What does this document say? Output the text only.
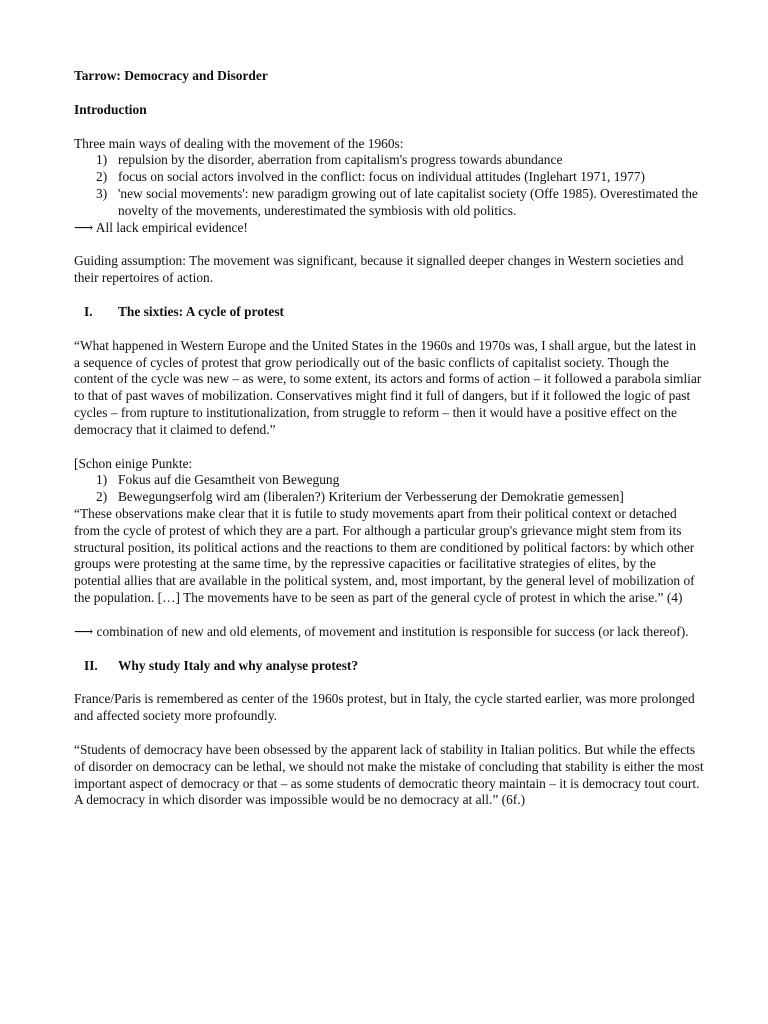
Tarrow: Democracy and Disorder

Introduction

Three main ways of dealing with the movement of the 1960s:

1) repulsion by the disorder, aberration from capitalism's progress towards abundance
2) focus on social actors involved in the conflict: focus on individual attitudes (Inglehart 1971, 1977)
3) 'new social movements': new paradigm growing out of late capitalist society (Offe 1985). Overestimated the novelty of the movements, underestimated the symbiosis with old politics.

⟶ All lack empirical evidence!

Guiding assumption: The movement was significant, because it signalled deeper changes in Western societies and their repertoires of action.

I. The sixties: A cycle of protest

“What happened in Western Europe and the United States in the 1960s and 1970s was, I shall argue, but the latest in a sequence of cycles of protest that grow periodically out of the basic conflicts of capitalist society. Though the content of the cycle was new – as were, to some extent, its actors and forms of action – it followed a parabola simliar to that of past waves of mobilization. Conservatives might find it full of dangers, but if it followed the logic of past cycles – from rupture to institutionalization, from struggle to reform – then it would have a positive effect on the democracy that it claimed to defend.”

[Schon einige Punkte:

1) Fokus auf die Gesamtheit von Bewegung
2) Bewegungserfolg wird am (liberalen?) Kriterium der Verbesserung der Demokratie gemessen]

“These observations make clear that it is futile to study movements apart from their political context or detached from the cycle of protest of which they are a part. For although a particular group's grievance might stem from its structural position, its political actions and the reactions to them are conditioned by political factors: by which other groups were protesting at the same time, by the repressive capacities or facilitative strategies of elites, by the potential allies that are available in the political system, and, most important, by the general level of mobilization of the population. […] The movements have to be seen as part of the general cycle of protest in which the arise.” (4)

⟶ combination of new and old elements, of movement and institution is responsible for success (or lack thereof).

II. Why study Italy and why analyse protest?

France/Paris is remembered as center of the 1960s protest, but in Italy, the cycle started earlier, was more prolonged and affected society more profoundly.

“Students of democracy have been obsessed by the apparent lack of stability in Italian politics. But while the effects of disorder on democracy can be lethal, we should not make the mistake of concluding that stability is either the most important aspect of democracy or that – as some students of democratic theory maintain – it is democracy tout court. A democracy in which disorder was impossible would be no democracy at all.” (6f.)
